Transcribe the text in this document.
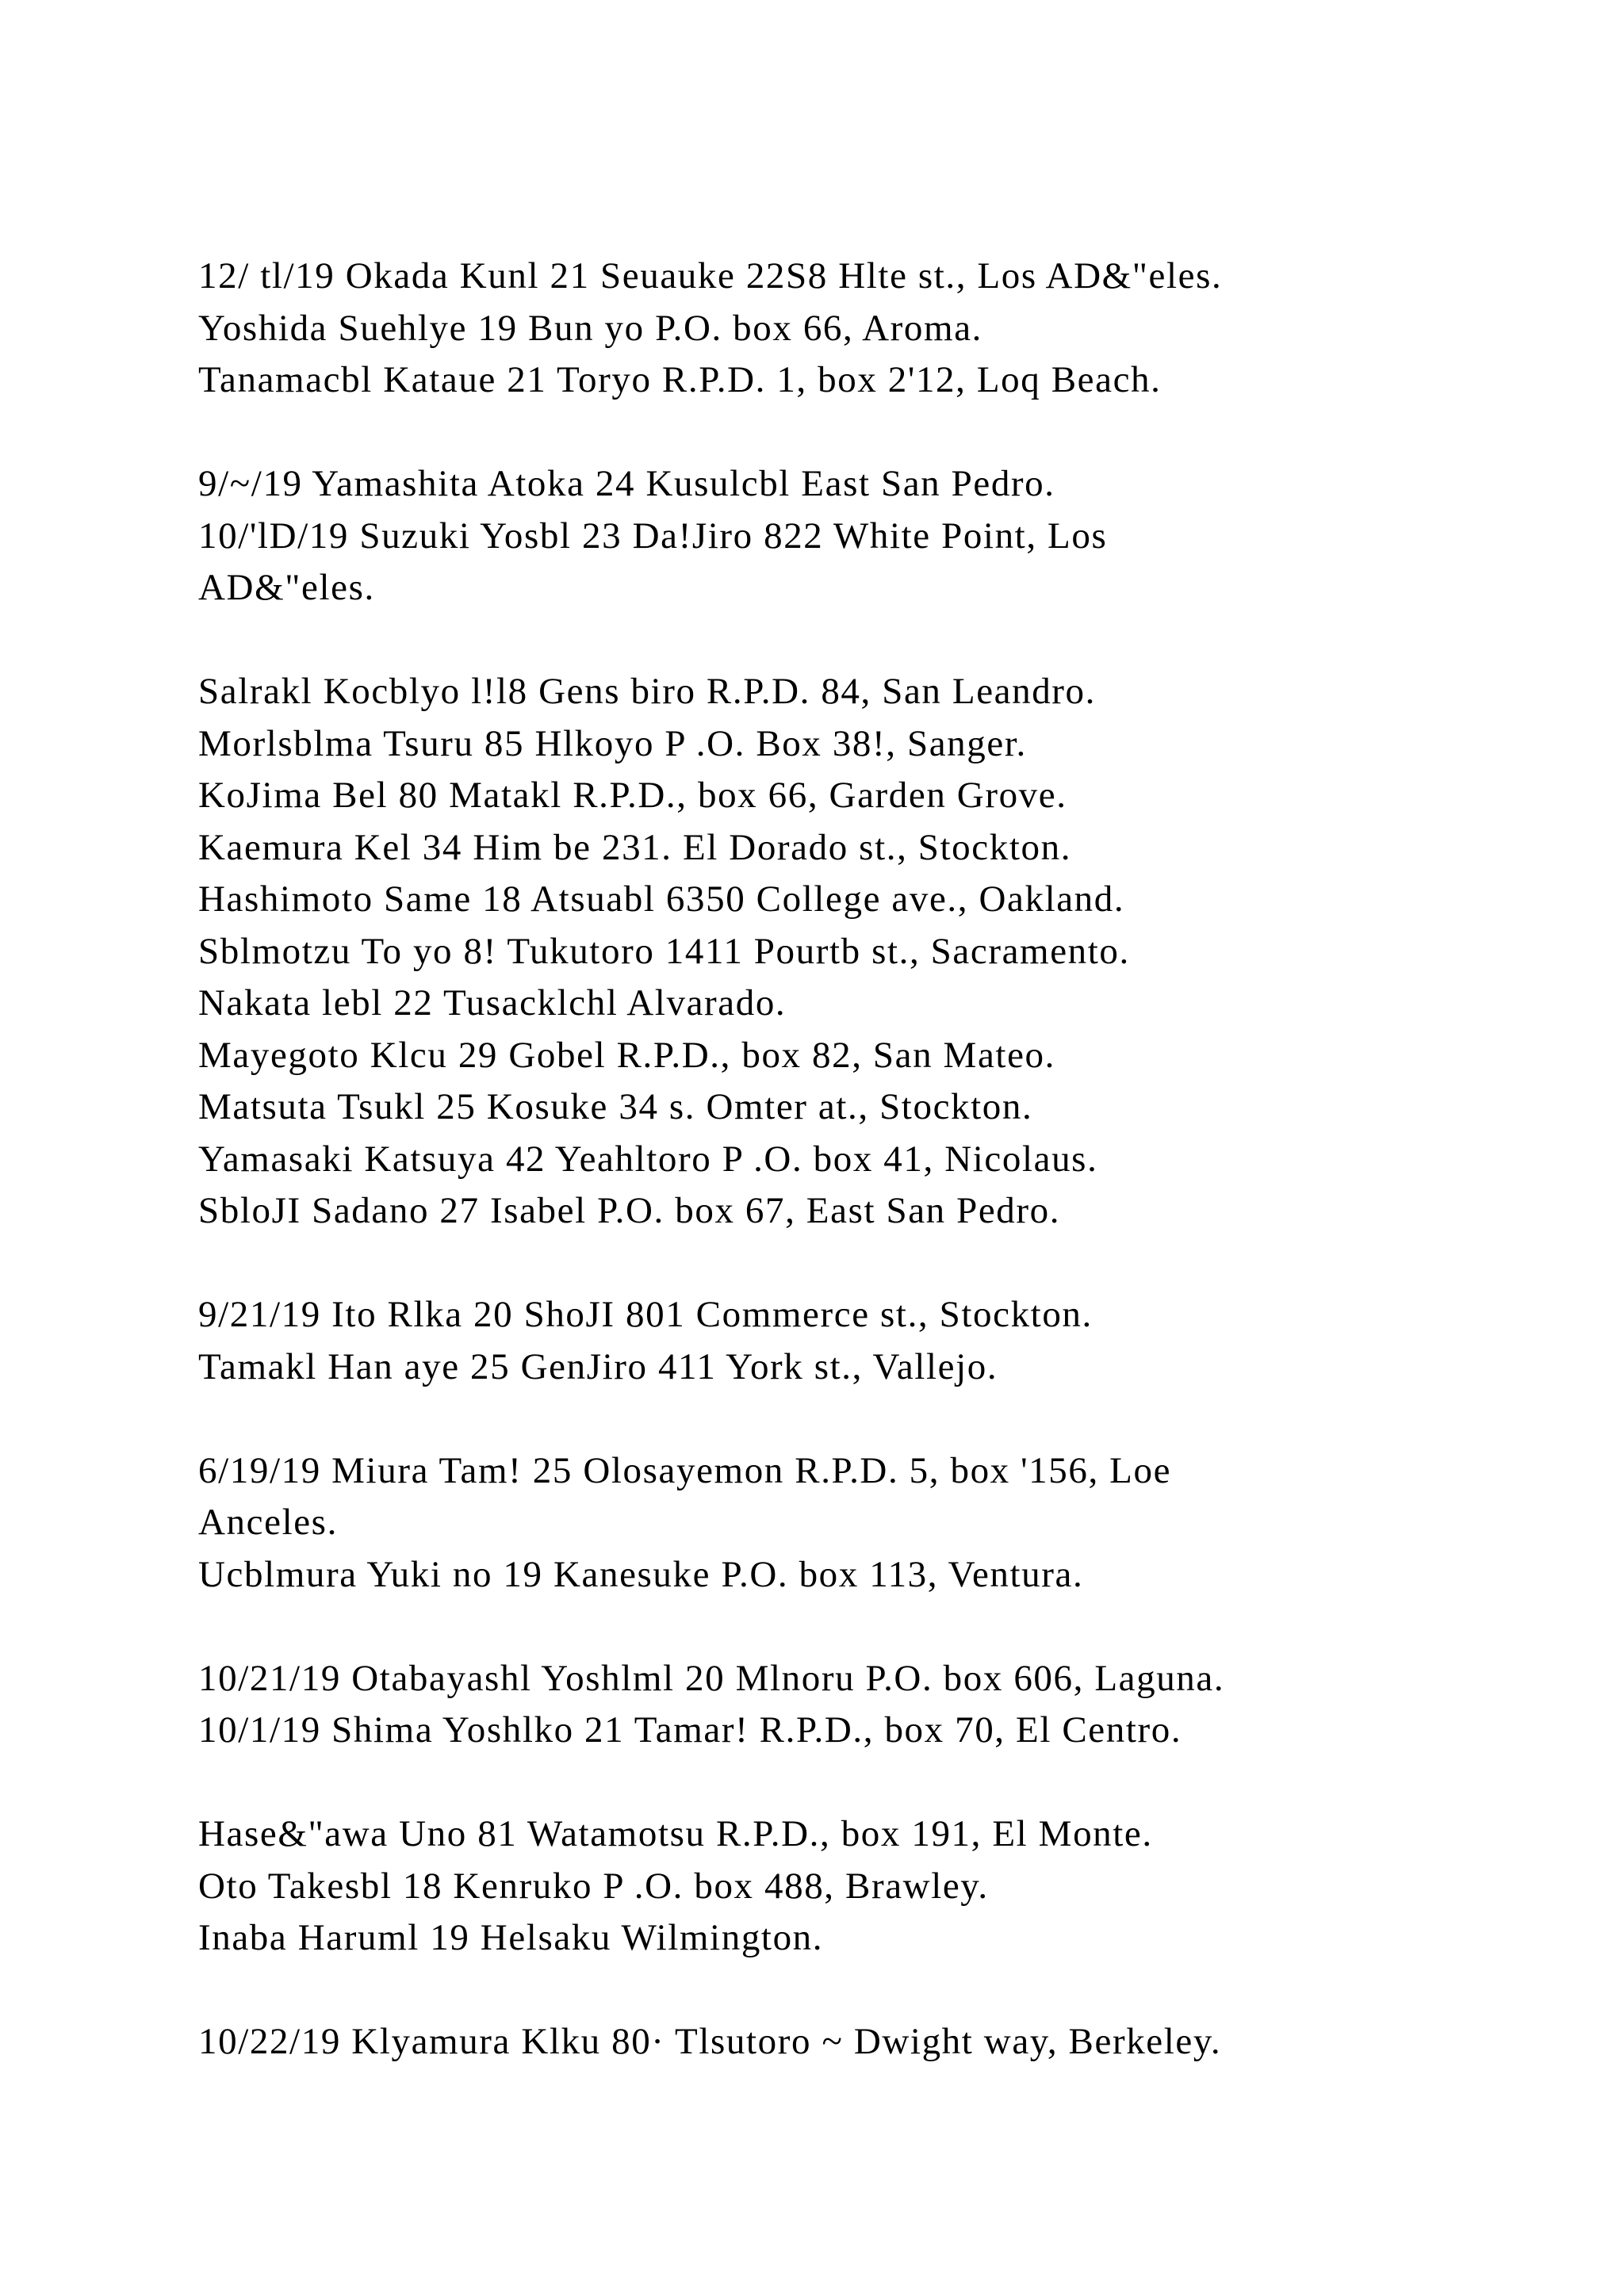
12/ tl/19 Okada Kunl 21 Seuauke 22S8 Hlte st., Los AD&"eles.
Yoshida Suehlye 19 Bun yo P.O. box 66, Aroma.
Tanamacbl Kataue 21 Toryo R.P.D. 1, box 2'12, Loq Beach.
9/~/19 Yamashita Atoka 24 Kusulcbl East San Pedro.
10/'lD/19 Suzuki Yosbl 23 Da!Jiro 822 White Point, Los
AD&"eles.
Salrakl Kocblyo l!l8 Gens biro R.P.D. 84, San Leandro.
Morlsblma Tsuru 85 Hlkoyo P .O. Box 38!, Sanger.
KoJima Bel 80 Matakl R.P.D., box 66, Garden Grove.
Kaemura Kel 34 Him be 231. El Dorado st., Stockton.
Hashimoto Same 18 Atsuabl 6350 College ave., Oakland.
Sblmotzu To yo 8! Tukutoro 1411 Pourtb st., Sacramento.
Nakata lebl 22 Tusacklchl Alvarado.
Mayegoto Klcu 29 Gobel R.P.D., box 82, San Mateo.
Matsuta Tsukl 25 Kosuke 34 s. Omter at., Stockton.
Yamasaki Katsuya 42 Yeahltoro P .O. box 41, Nicolaus.
SbloJI Sadano 27 Isabel P.O. box 67, East San Pedro.
9/21/19 Ito Rlka 20 ShoJI 801 Commerce st., Stockton.
Tamakl Han aye 25 GenJiro 411 York st., Vallejo.
6/19/19 Miura Tam! 25 Olosayemon R.P.D. 5, box '156, Loe
Anceles.
Ucblmura Yuki no 19 Kanesuke P.O. box 113, Ventura.
10/21/19 Otabayashl Yoshlml 20 Mlnoru P.O. box 606, Laguna.
10/1/19 Shima Yoshlko 21 Tamar! R.P.D., box 70, El Centro.
Hase&"awa Uno 81 Watamotsu R.P.D., box 191, El Monte.
Oto Takesbl 18 Kenruko P .O. box 488, Brawley.
Inaba Haruml 19 Helsaku Wilmington.
10/22/19 Klyamura Klku 80· Tlsutoro ~ Dwight way, Berkeley.
